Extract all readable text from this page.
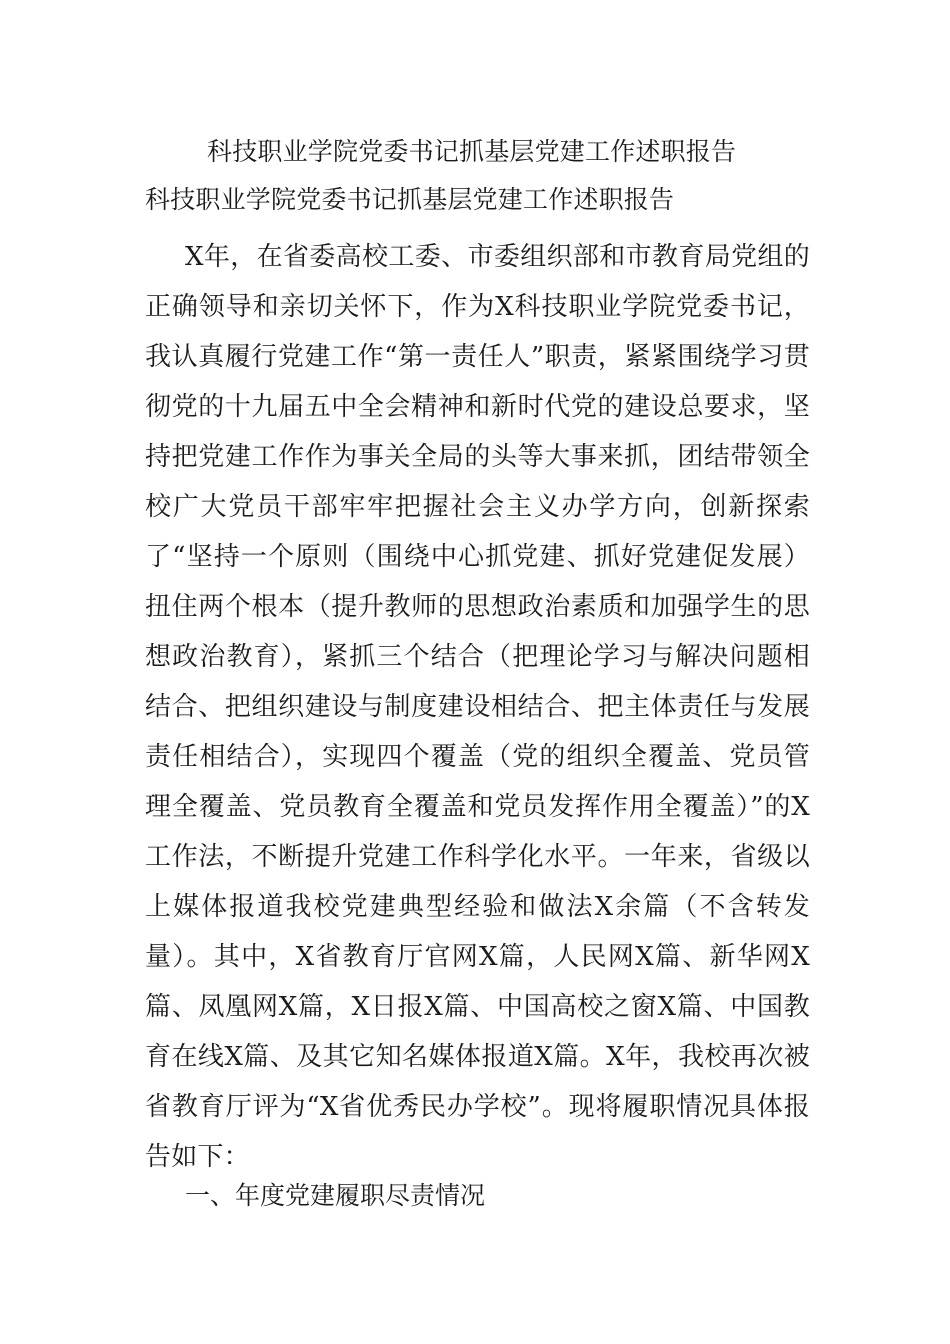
科技职业学院党委书记抓基层党建工作述职报告
科技职业学院党委书记抓基层党建工作述职报告

X年，在省委高校工委、市委组织部和市教育局党组的正确领导和亲切关怀下，作为X科技职业学院党委书记，我认真履行党建工作“第一责任人”职责，紧紧围绕学习贯彻党的十九届五中全会精神和新时代党的建设总要求，坚持把党建工作作为事关全局的头等大事来抓，团结带领全校广大党员干部牢牢把握社会主义办学方向，创新探索了“坚持一个原则（围绕中心抓党建、抓好党建促发展）扭住两个根本（提升教师的思想政治素质和加强学生的思想政治教育），紧抓三个结合（把理论学习与解决问题相结合、把组织建设与制度建设相结合、把主体责任与发展责任相结合），实现四个覆盖（党的组织全覆盖、党员管理全覆盖、党员教育全覆盖和党员发挥作用全覆盖）”的X工作法，不断提升党建工作科学化水平。一年来，省级以上媒体报道我校党建典型经验和做法X余篇（不含转发量）。其中，X省教育厅官网X篇，人民网X篇、新华网X篇、凤凰网X篇，X日报X篇、中国高校之窗X篇、中国教育在线X篇、及其它知名媒体报道X篇。X年，我校再次被省教育厅评为“X省优秀民办学校”。现将履职情况具体报告如下：

一、年度党建履职尽责情况
